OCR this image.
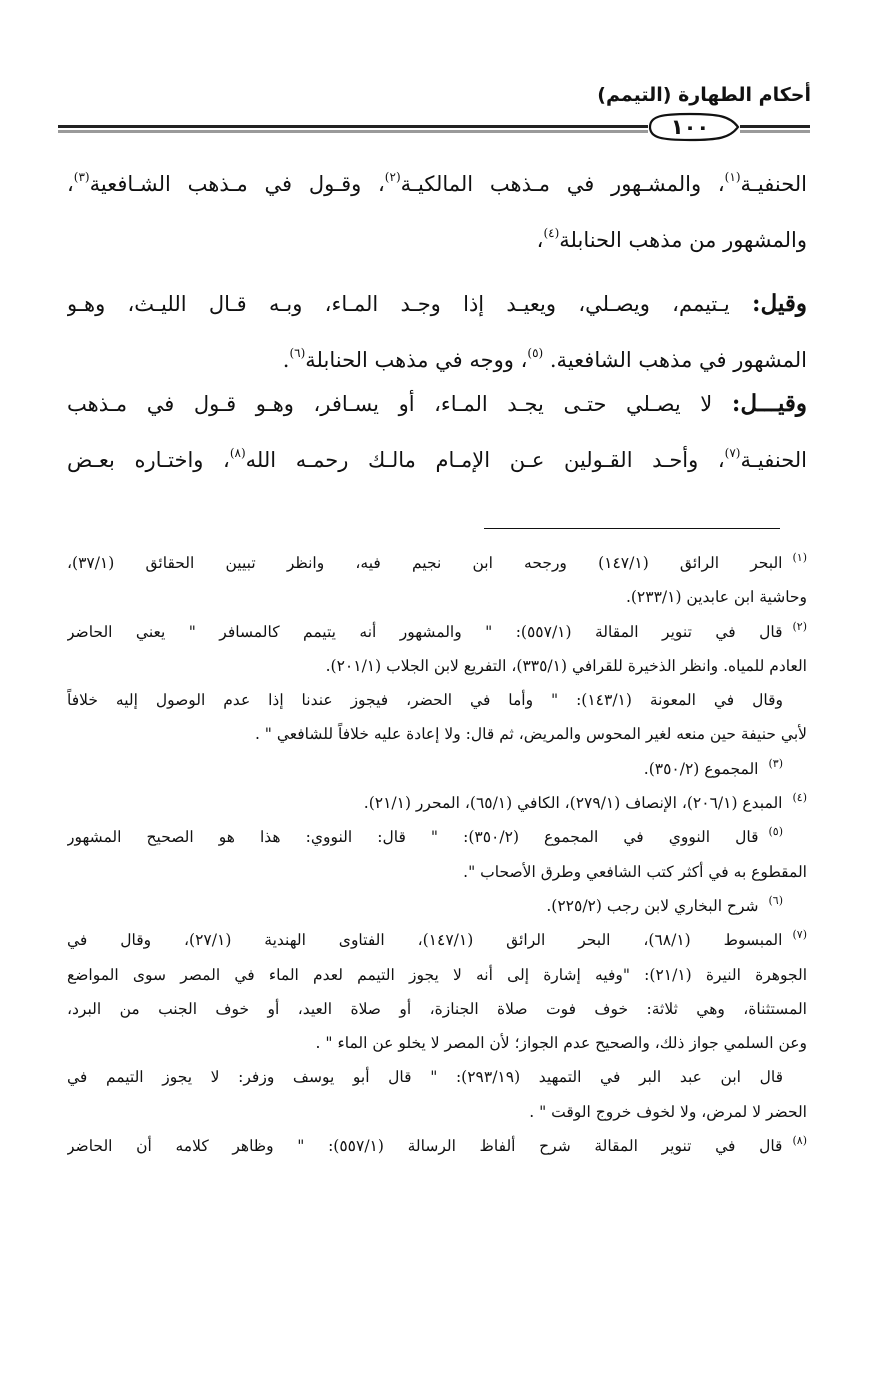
أحكام الطهارة (التيمم)
١٠٠
الحنفيـة$^{(١)}$، والمشـهور في مـذهب المالكيـة$^{(٢)}$، وقـول في مـذهب الشـافعية$^{(٣)}$،
والمشهور من مذهب الحنابلة$^{(٤)}$،
وقيل: يـتيمم، ويصـلي، ويعيـد إذا وجـد المـاء، وبـه قـال الليـث، وهـو
المشهور في مذهب الشافعية. $^{(٥)}$، ووجه في مذهب الحنابلة$^{(٦)}$.
وقيـــل: لا يصـلي حتـى يجـد المـاء، أو يسـافر، وهـو قـول في مـذهب
الحنفيـة$^{(٧)}$، وأحـد القـولين عـن الإمـام مالـك رحمـه الله$^{(٨)}$، واختـاره بعـض
$^{(١)}$البحر الرائق (١٤٧/١) ورجحه ابن نجيم فيه، وانظر تبيين الحقائق (٣٧/١)،
وحاشية ابن عابدين (٢٣٣/١).
$^{(٢)}$قال في تنوير المقالة (٥٥٧/١): " والمشهور أنه يتيمم كالمسافر " يعني الحاضر
العادم للمياه. وانظر الذخيرة للقرافي (٣٣٥/١)، التفريع لابن الجلاب (٢٠١/١).
وقال في المعونة (١٤٣/١): " وأما في الحضر، فيجوز عندنا إذا عدم الوصول إليه خلافاً
لأبي حنيفة حين منعه لغير المحوس والمريض، ثم قال: ولا إعادة عليه خلافاً للشافعي " .
$^{(٣)}$المجموع (٣٥٠/٢).
$^{(٤)}$المبدع (٢٠٦/١)، الإنصاف (٢٧٩/١)، الكافي (٦٥/١)، المحرر (٢١/١).
$^{(٥)}$قال النووي في المجموع (٣٥٠/٢): " قال: النووي: هذا هو الصحيح المشهور
المقطوع به في أكثر كتب الشافعي وطرق الأصحاب ".
$^{(٦)}$شرح البخاري لابن رجب (٢٢٥/٢).
$^{(٧)}$المبسوط (٦٨/١)، البحر الرائق (١٤٧/١)، الفتاوى الهندية (٢٧/١)، وقال في
الجوهرة النيرة (٢١/١): "وفيه إشارة إلى أنه لا يجوز التيمم لعدم الماء في المصر سوى المواضع
المستثناة، وهي ثلاثة: خوف فوت صلاة الجنازة، أو صلاة العيد، أو خوف الجنب من البرد،
وعن السلمي جواز ذلك، والصحيح عدم الجواز؛ لأن المصر لا يخلو عن الماء " .
قال ابن عبد البر في التمهيد (٢٩٣/١٩): " قال أبو يوسف وزفر: لا يجوز التيمم في
الحضر لا لمرض، ولا لخوف خروج الوقت " .
$^{(٨)}$قال في تنوير المقالة شرح ألفاظ الرسالة (٥٥٧/١): " وظاهر كلامه أن الحاضر
